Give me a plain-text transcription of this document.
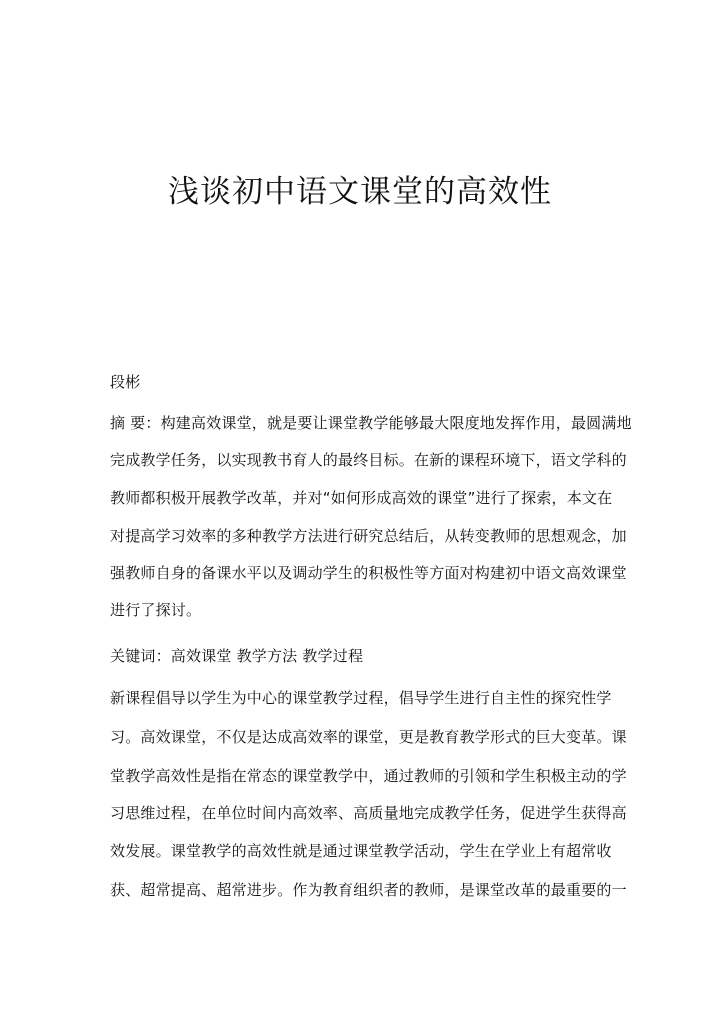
浅谈初中语文课堂的高效性
段彬
摘 要：构建高效课堂，就是要让课堂教学能够最大限度地发挥作用，最圆满地
完成教学任务，以实现教书育人的最终目标。在新的课程环境下，语文学科的
教师都积极开展教学改革，并对“如何形成高效的课堂”进行了探索，本文在
对提高学习效率的多种教学方法进行研究总结后，从转变教师的思想观念，加
强教师自身的备课水平以及调动学生的积极性等方面对构建初中语文高效课堂
进行了探讨。
关键词：高效课堂 教学方法 教学过程
新课程倡导以学生为中心的课堂教学过程，倡导学生进行自主性的探究性学
习。高效课堂，不仅是达成高效率的课堂，更是教育教学形式的巨大变革。课
堂教学高效性是指在常态的课堂教学中，通过教师的引领和学生积极主动的学
习思维过程，在单位时间内高效率、高质量地完成教学任务，促进学生获得高
效发展。课堂教学的高效性就是通过课堂教学活动，学生在学业上有超常收
获、超常提高、超常进步。作为教育组织者的教师，是课堂改革的最重要的一
